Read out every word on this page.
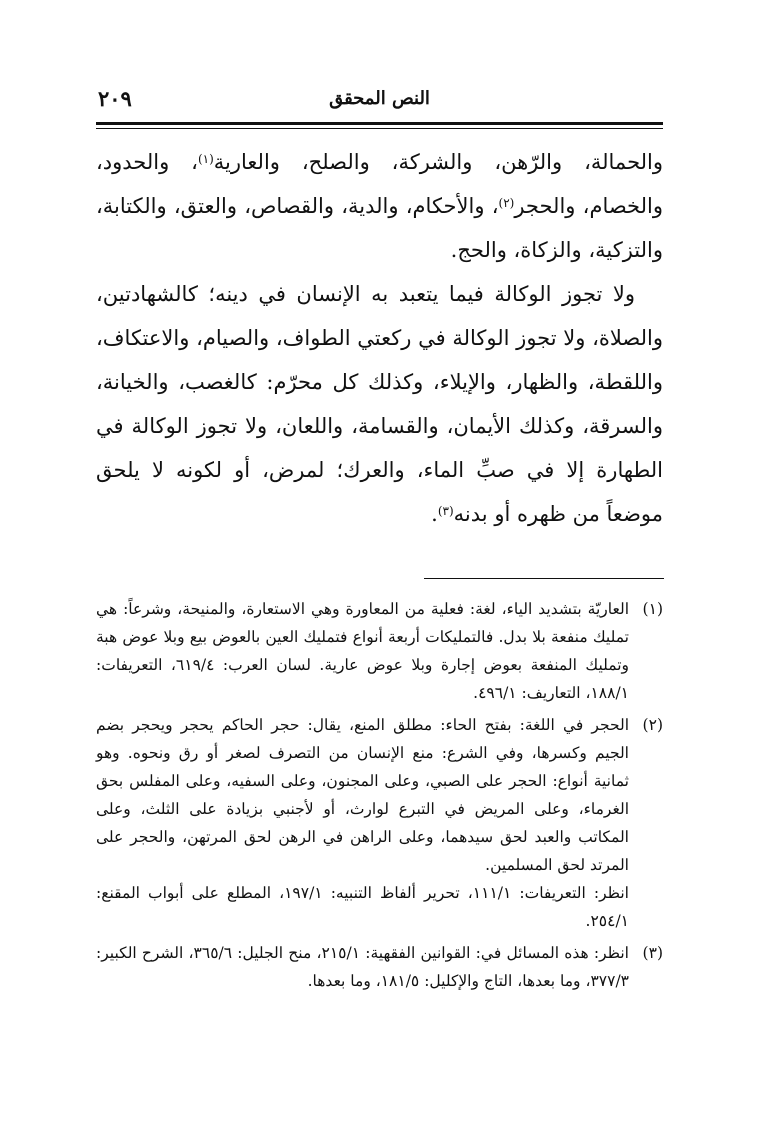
٢٠٩	النص المحقق

والحمالة، والرّهن، والشركة، والصلح، والعارية$^{(١)}$، والحدود، والخصام، والحجر$^{(٢)}$، والأحكام، والدية، والقصاص، والعتق، والكتابة، والتزكية، والزكاة، والحج.

ولا تجوز الوكالة فيما يتعبد به الإنسان في دينه؛ كالشهادتين، والصلاة، ولا تجوز الوكالة في ركعتي الطواف، والصيام، والاعتكاف، واللقطة، والظهار، والإيلاء، وكذلك كل محرّم: كالغصب، والخيانة، والسرقة، وكذلك الأيمان، والقسامة، واللعان، ولا تجوز الوكالة في الطهارة إلا في صبِّ الماء، والعرك؛ لمرض، أو لكونه لا يلحق موضعاً من ظهره أو بدنه$^{(٣)}$.

(١)

العاريّة بتشديد الياء، لغة: فعلية من المعاورة وهي الاستعارة، والمنيحة، وشرعاً: هي تمليك منفعة بلا بدل. فالتمليكات أربعة أنواع فتمليك العين بالعوض بيع وبلا عوض هبة وتمليك المنفعة بعوض إجارة وبلا عوض عارية. لسان العرب: ٦١٩/٤، التعريفات: ١٨٨/١، التعاريف: ٤٩٦/١.

(٢)

الحجر في اللغة: بفتح الحاء: مطلق المنع، يقال: حجر الحاكم يحجر ويحجر بضم الجيم وكسرها، وفي الشرع: منع الإنسان من التصرف لصغر أو رق ونحوه. وهو ثمانية أنواع: الحجر على الصبي، وعلى المجنون، وعلى السفيه، وعلى المفلس بحق الغرماء، وعلى المريض في التبرع لوارث، أو لأجنبي بزيادة على الثلث، وعلى المكاتب والعبد لحق سيدهما، وعلى الراهن في الرهن لحق المرتهن، والحجر على المرتد لحق المسلمين.

انظر: التعريفات: ١١١/١، تحرير ألفاظ التنبيه: ١٩٧/١، المطلع على أبواب المقنع: ٢٥٤/١.

(٣)

انظر: هذه المسائل في: القوانين الفقهية: ٢١٥/١، منح الجليل: ٣٦٥/٦، الشرح الكبير: ٣٧٧/٣، وما بعدها، التاج والإكليل: ١٨١/٥، وما بعدها.
